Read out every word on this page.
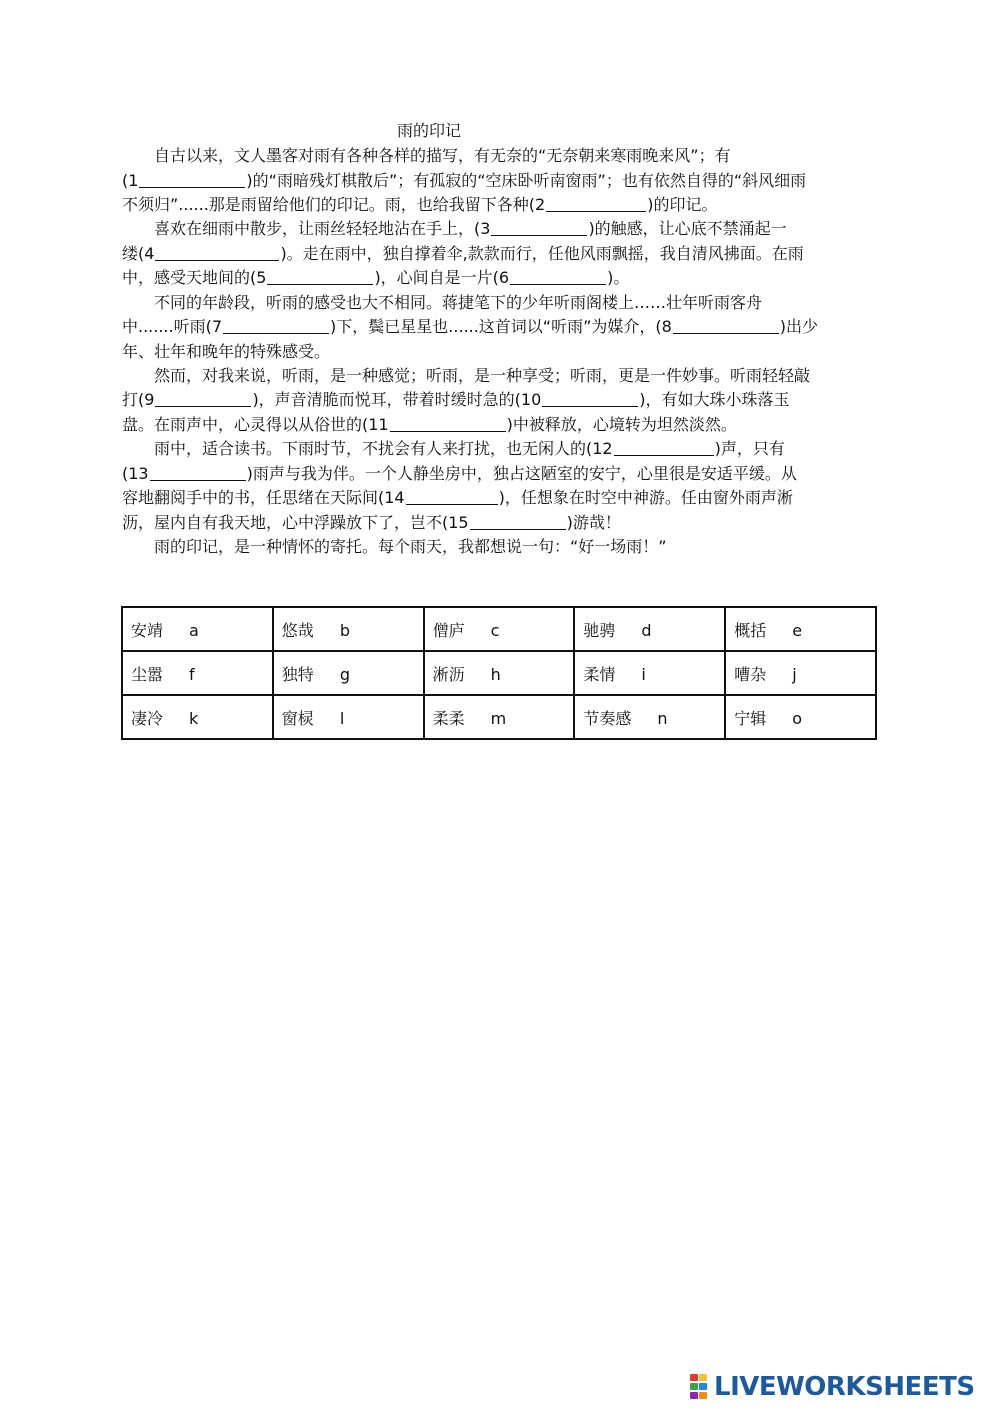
雨的印记
　　自古以来，文人墨客对雨有各种各样的描写，有无奈的“无奈朝来寒雨晚来风”；有
(1	)的“雨暗残灯棋散后”；有孤寂的“空床卧听南窗雨”；也有依然自得的“斜风细雨
不须归”......那是雨留给他们的印记。雨，也给我留下各种(2	)的印记。
　　喜欢在细雨中散步，让雨丝轻轻地沾在手上，(3	)的触感，让心底不禁涌起一
缕(4	)。走在雨中，独自撑着伞,款款而行，任他风雨飘摇，我自清风拂面。在雨
中，感受天地间的(5	)，心间自是一片(6	)。
　　不同的年龄段，听雨的感受也大不相同。蒋捷笔下的少年听雨阁楼上……壮年听雨客舟
中.......听雨(7	)下，鬓已星星也......这首词以“听雨”为媒介，(8	)出少
年、壮年和晚年的特殊感受。
　　然而，对我来说，听雨，是一种感觉；听雨，是一种享受；听雨，更是一件妙事。听雨轻轻敲
打(9	)，声音清脆而悦耳，带着时缓时急的(10	)，有如大珠小珠落玉
盘。在雨声中，心灵得以从俗世的(11	)中被释放，心境转为坦然淡然。
　　雨中，适合读书。下雨时节，不扰会有人来打扰，也无闲人的(12	)声，只有
(13	)雨声与我为伴。一个人静坐房中，独占这陋室的安宁，心里很是安适平缓。从
容地翻阅手中的书，任思绪在天际间(14	)，任想象在时空中神游。任由窗外雨声淅
沥，屋内自有我天地，心中浮躁放下了，岂不(15	)游哉！
　　雨的印记，是一种情怀的寄托。每个雨天，我都想说一句：“好一场雨！”
安靖 a	悠哉 b	僧庐 c	驰骋 d	概括 e
尘嚣 f	独特 g	淅沥 h	柔情 i	嘈杂 j
凄冷 k	窗棂 l	柔柔 m	节奏感 n	宁辑 o
LIVEWORKSHEETS
